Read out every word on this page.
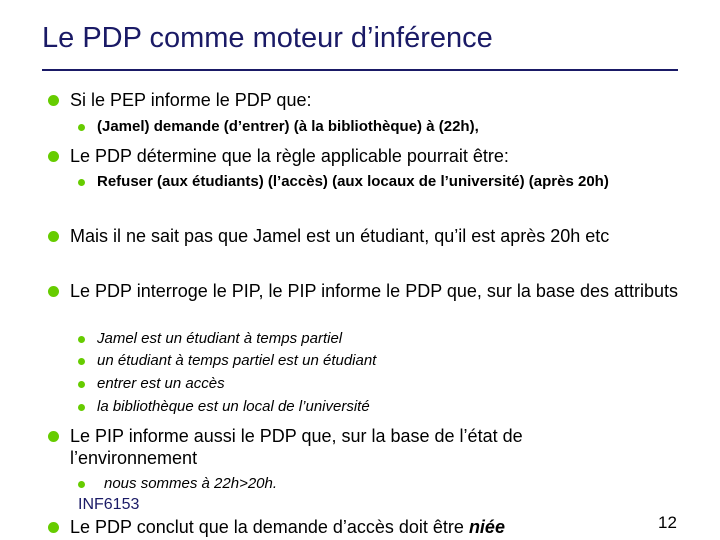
Le PDP comme moteur d’inférence
Si le PEP informe le PDP que:
(Jamel) demande (d’entrer) (à la bibliothèque) à (22h),
Le PDP détermine que la règle applicable pourrait être:
Refuser (aux étudiants) (l’accès) (aux locaux de l’université) (après 20h)
Mais il ne sait pas que Jamel est un étudiant, qu’il est après 20h etc
Le PDP interroge le PIP, le PIP informe le PDP que, sur la base des attributs
Jamel est un étudiant à temps partiel
un étudiant à temps partiel est un étudiant
entrer est un accès
la bibliothèque est un local de l’université
Le PIP informe aussi le PDP que, sur la base de l’état de l’environnement
nous sommes à 22h>20h.
INF6153
Le PDP conclut que la demande d’accès doit être niée	12
